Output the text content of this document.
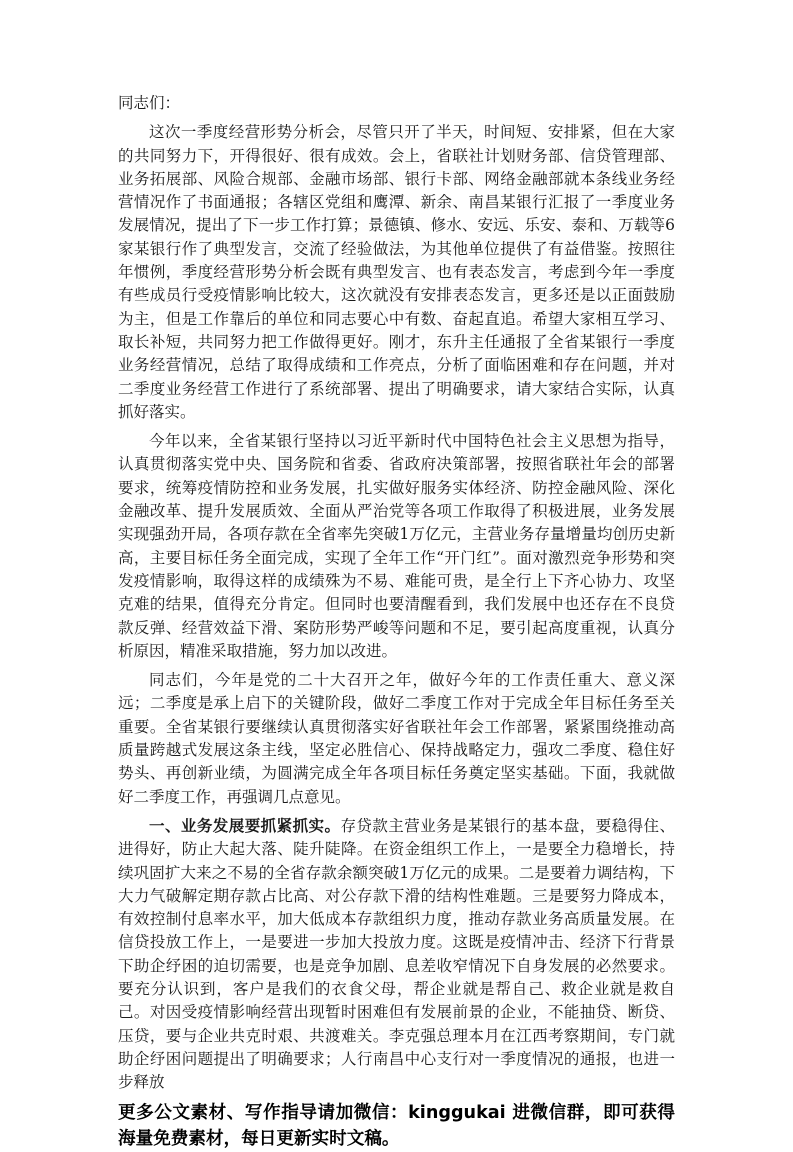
同志们：

这次一季度经营形势分析会，尽管只开了半天，时间短、安排紧，但在大家的共同努力下，开得很好、很有成效。会上，省联社计划财务部、信贷管理部、业务拓展部、风险合规部、金融市场部、银行卡部、网络金融部就本条线业务经营情况作了书面通报；各辖区党组和鹰潭、新余、南昌某银行汇报了一季度业务发展情况，提出了下一步工作打算；景德镇、修水、安远、乐安、泰和、万载等6家某银行作了典型发言，交流了经验做法，为其他单位提供了有益借鉴。按照往年惯例，季度经营形势分析会既有典型发言、也有表态发言，考虑到今年一季度有些成员行受疫情影响比较大，这次就没有安排表态发言，更多还是以正面鼓励为主，但是工作靠后的单位和同志要心中有数、奋起直追。希望大家相互学习、取长补短，共同努力把工作做得更好。刚才，东升主任通报了全省某银行一季度业务经营情况，总结了取得成绩和工作亮点，分析了面临困难和存在问题，并对二季度业务经营工作进行了系统部署、提出了明确要求，请大家结合实际，认真抓好落实。

今年以来，全省某银行坚持以习近平新时代中国特色社会主义思想为指导，认真贯彻落实党中央、国务院和省委、省政府决策部署，按照省联社年会的部署要求，统筹疫情防控和业务发展，扎实做好服务实体经济、防控金融风险、深化金融改革、提升发展质效、全面从严治党等各项工作取得了积极进展，业务发展实现强劲开局，各项存款在全省率先突破1万亿元，主营业务存量增量均创历史新高，主要目标任务全面完成，实现了全年工作“开门红”。面对激烈竞争形势和突发疫情影响，取得这样的成绩殊为不易、难能可贵，是全行上下齐心协力、攻坚克难的结果，值得充分肯定。但同时也要清醒看到，我们发展中也还存在不良贷款反弹、经营效益下滑、案防形势严峻等问题和不足，要引起高度重视，认真分析原因，精准采取措施，努力加以改进。

同志们，今年是党的二十大召开之年，做好今年的工作责任重大、意义深远；二季度是承上启下的关键阶段，做好二季度工作对于完成全年目标任务至关重要。全省某银行要继续认真贯彻落实好省联社年会工作部署，紧紧围绕推动高质量跨越式发展这条主线，坚定必胜信心、保持战略定力，强攻二季度、稳住好势头、再创新业绩，为圆满完成全年各项目标任务奠定坚实基础。下面，我就做好二季度工作，再强调几点意见。

一、业务发展要抓紧抓实。存贷款主营业务是某银行的基本盘，要稳得住、进得好，防止大起大落、陡升陡降。在资金组织工作上，一是要全力稳增长，持续巩固扩大来之不易的全省存款余额突破1万亿元的成果。二是要着力调结构，下大力气破解定期存款占比高、对公存款下滑的结构性难题。三是要努力降成本，有效控制付息率水平，加大低成本存款组织力度，推动存款业务高质量发展。在信贷投放工作上，一是要进一步加大投放力度。这既是疫情冲击、经济下行背景下助企纾困的迫切需要，也是竞争加剧、息差收窄情况下自身发展的必然要求。要充分认识到，客户是我们的衣食父母，帮企业就是帮自己、救企业就是救自己。对因受疫情影响经营出现暂时困难但有发展前景的企业，不能抽贷、断贷、压贷，要与企业共克时艰、共渡难关。李克强总理本月在江西考察期间，专门就助企纾困问题提出了明确要求；人行南昌中心支行对一季度情况的通报，也进一步释放

更多公文素材、写作指导请加微信：kinggukai 进微信群，即可获得海量免费素材，每日更新实时文稿。
